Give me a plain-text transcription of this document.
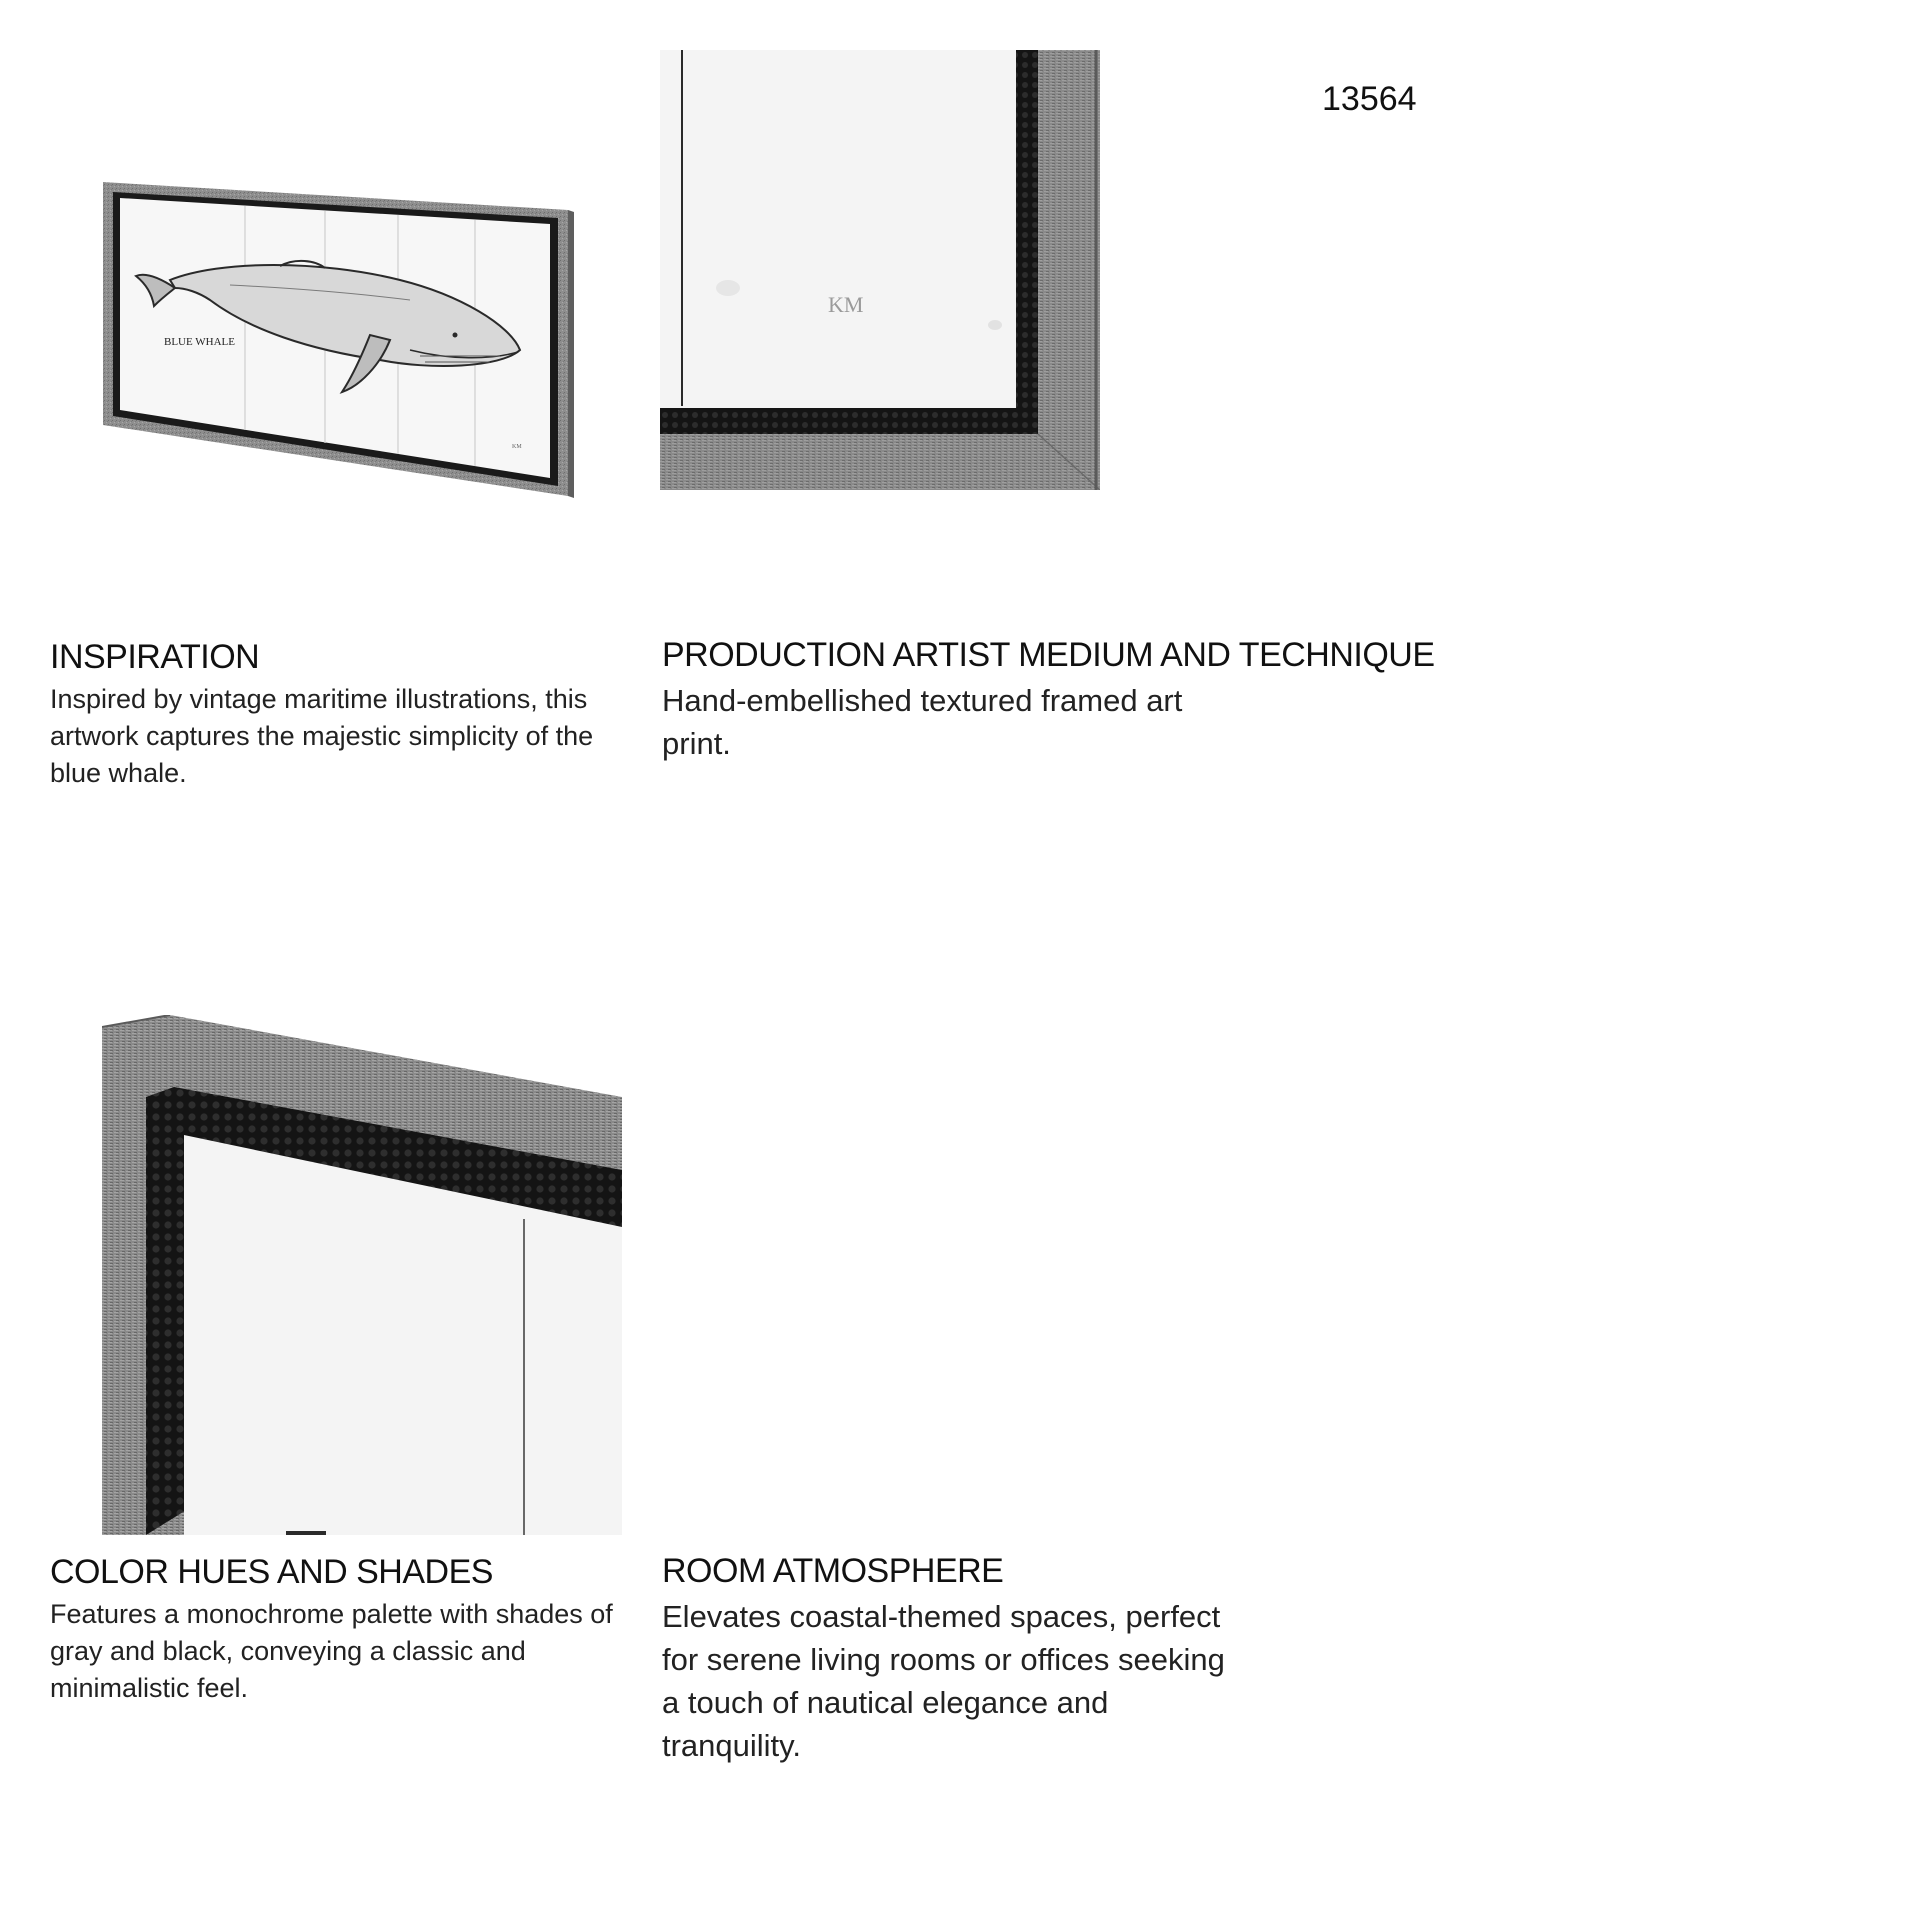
13564
BLUE WHALE
KM
KM
INSPIRATION

Inspired by vintage maritime illustrations, this artwork captures the majestic simplicity of the blue whale.

PRODUCTION ARTIST MEDIUM AND TECHNIQUE

Hand-embellished textured framed art print.

COLOR HUES AND SHADES

Features a monochrome palette with shades of gray and black, conveying a classic and minimalistic feel.

ROOM ATMOSPHERE

Elevates coastal-themed spaces, perfect for serene living rooms or offices seeking a touch of nautical elegance and tranquility.
